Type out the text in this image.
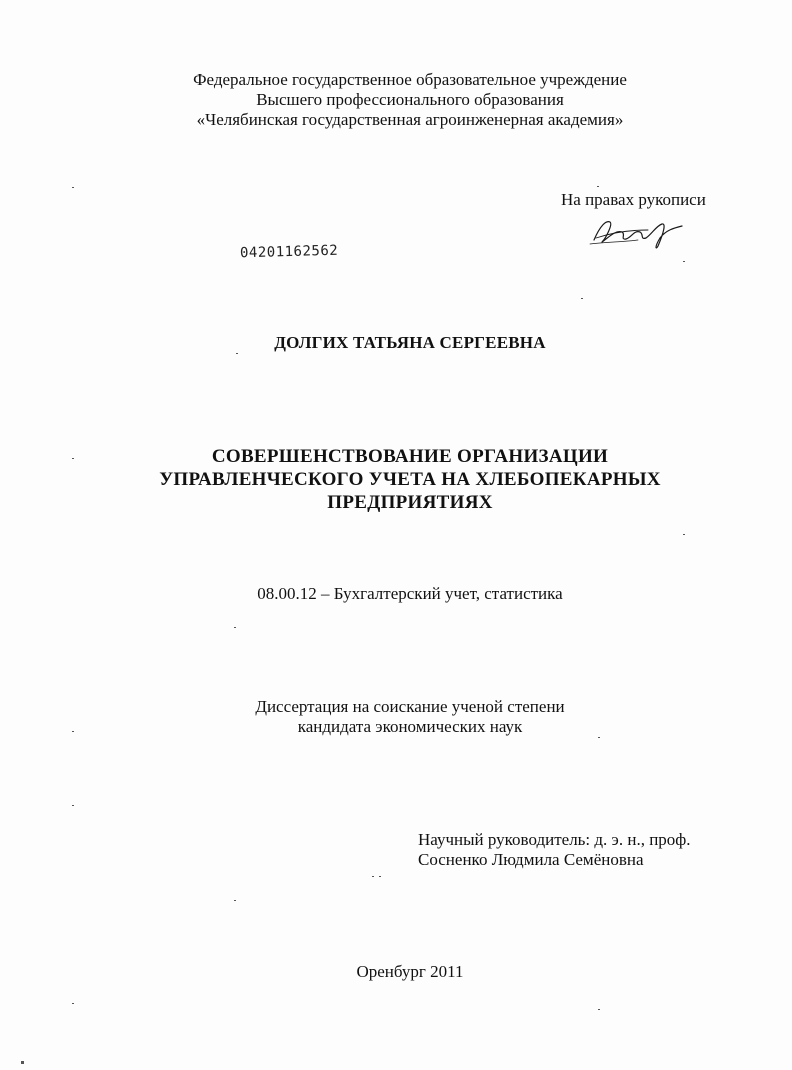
Федеральное государственное образовательное учреждение
Высшего профессионального образования
«Челябинская государственная агроинженерная академия»
На правах рукописи
04201162562
ДОЛГИХ ТАТЬЯНА СЕРГЕЕВНА
СОВЕРШЕНСТВОВАНИЕ ОРГАНИЗАЦИИ
УПРАВЛЕНЧЕСКОГО УЧЕТА НА ХЛЕБОПЕКАРНЫХ
ПРЕДПРИЯТИЯХ
08.00.12 – Бухгалтерский учет, статистика
Диссертация на соискание ученой степени
кандидата экономических наук
Научный руководитель: д. э. н., проф.
Сосненко Людмила Семёновна
Оренбург 2011
